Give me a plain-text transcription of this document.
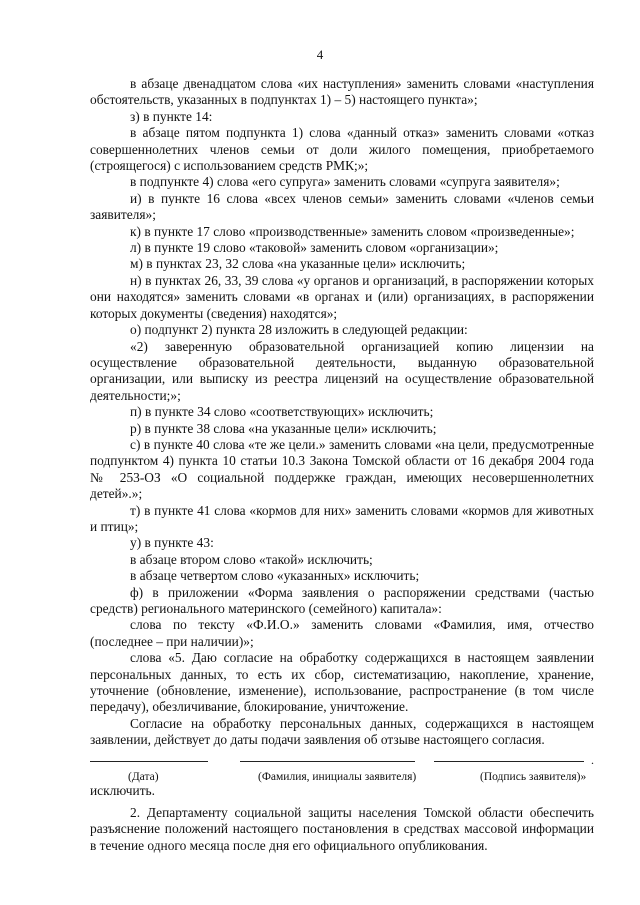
4

в абзаце двенадцатом слова «их наступления» заменить словами «наступления обстоятельств, указанных в подпунктах 1) – 5) настоящего пункта»;

з) в пункте 14:

в абзаце пятом подпункта 1) слова «данный отказ» заменить словами «отказ совершеннолетних членов семьи от доли жилого помещения, приобретаемого (строящегося) с использованием средств РМК;»;

в подпункте 4) слова «его супруга» заменить словами «супруга заявителя»;

и) в пункте 16 слова «всех членов семьи» заменить словами «членов семьи заявителя»;

к) в пункте 17 слово «производственные» заменить словом «произведенные»;

л) в пункте 19 слово «таковой» заменить словом «организации»;

м) в пунктах 23, 32 слова «на указанные цели» исключить;

н) в пунктах 26, 33, 39 слова «у органов и организаций, в распоряжении которых они находятся» заменить словами «в органах и (или) организациях, в распоряжении которых документы (сведения) находятся»;

о) подпункт 2) пункта 28 изложить в следующей редакции:

«2) заверенную образовательной организацией копию лицензии на осуществление образовательной деятельности, выданную образовательной организации, или выписку из реестра лицензий на осуществление образовательной деятельности;»;

п) в пункте 34 слово «соответствующих» исключить;

р) в пункте 38 слова «на указанные цели» исключить;

с) в пункте 40 слова «те же цели.» заменить словами «на цели, предусмотренные подпунктом 4) пункта 10 статьи 10.3 Закона Томской области от 16 декабря 2004 года № 253-ОЗ «О социальной поддержке граждан, имеющих несовершеннолетних детей».»;

т) в пункте 41 слова «кормов для них» заменить словами «кормов для животных и птиц»;

у) в пункте 43:

в абзаце втором слово «такой» исключить;

в абзаце четвертом слово «указанных» исключить;

ф) в приложении «Форма заявления о распоряжении средствами (частью средств) регионального материнского (семейного) капитала»:

слова по тексту «Ф.И.О.» заменить словами «Фамилия, имя, отчество (последнее – при наличии)»;

слова «5. Даю согласие на обработку содержащихся в настоящем заявлении персональных данных, то есть их сбор, систематизацию, накопление, хранение, уточнение (обновление, изменение), использование, распространение (в том числе передачу), обезличивание, блокирование, уничтожение.

Согласие на обработку персональных данных, содержащихся в настоящем заявлении, действует до даты подачи заявления об отзыве настоящего согласия.

.
(Дата)	(Фамилия, инициалы заявителя)	(Подпись заявителя)»

исключить.

2. Департаменту социальной защиты населения Томской области обеспечить разъяснение положений настоящего постановления в средствах массовой информации в течение одного месяца после дня его официального опубликования.
